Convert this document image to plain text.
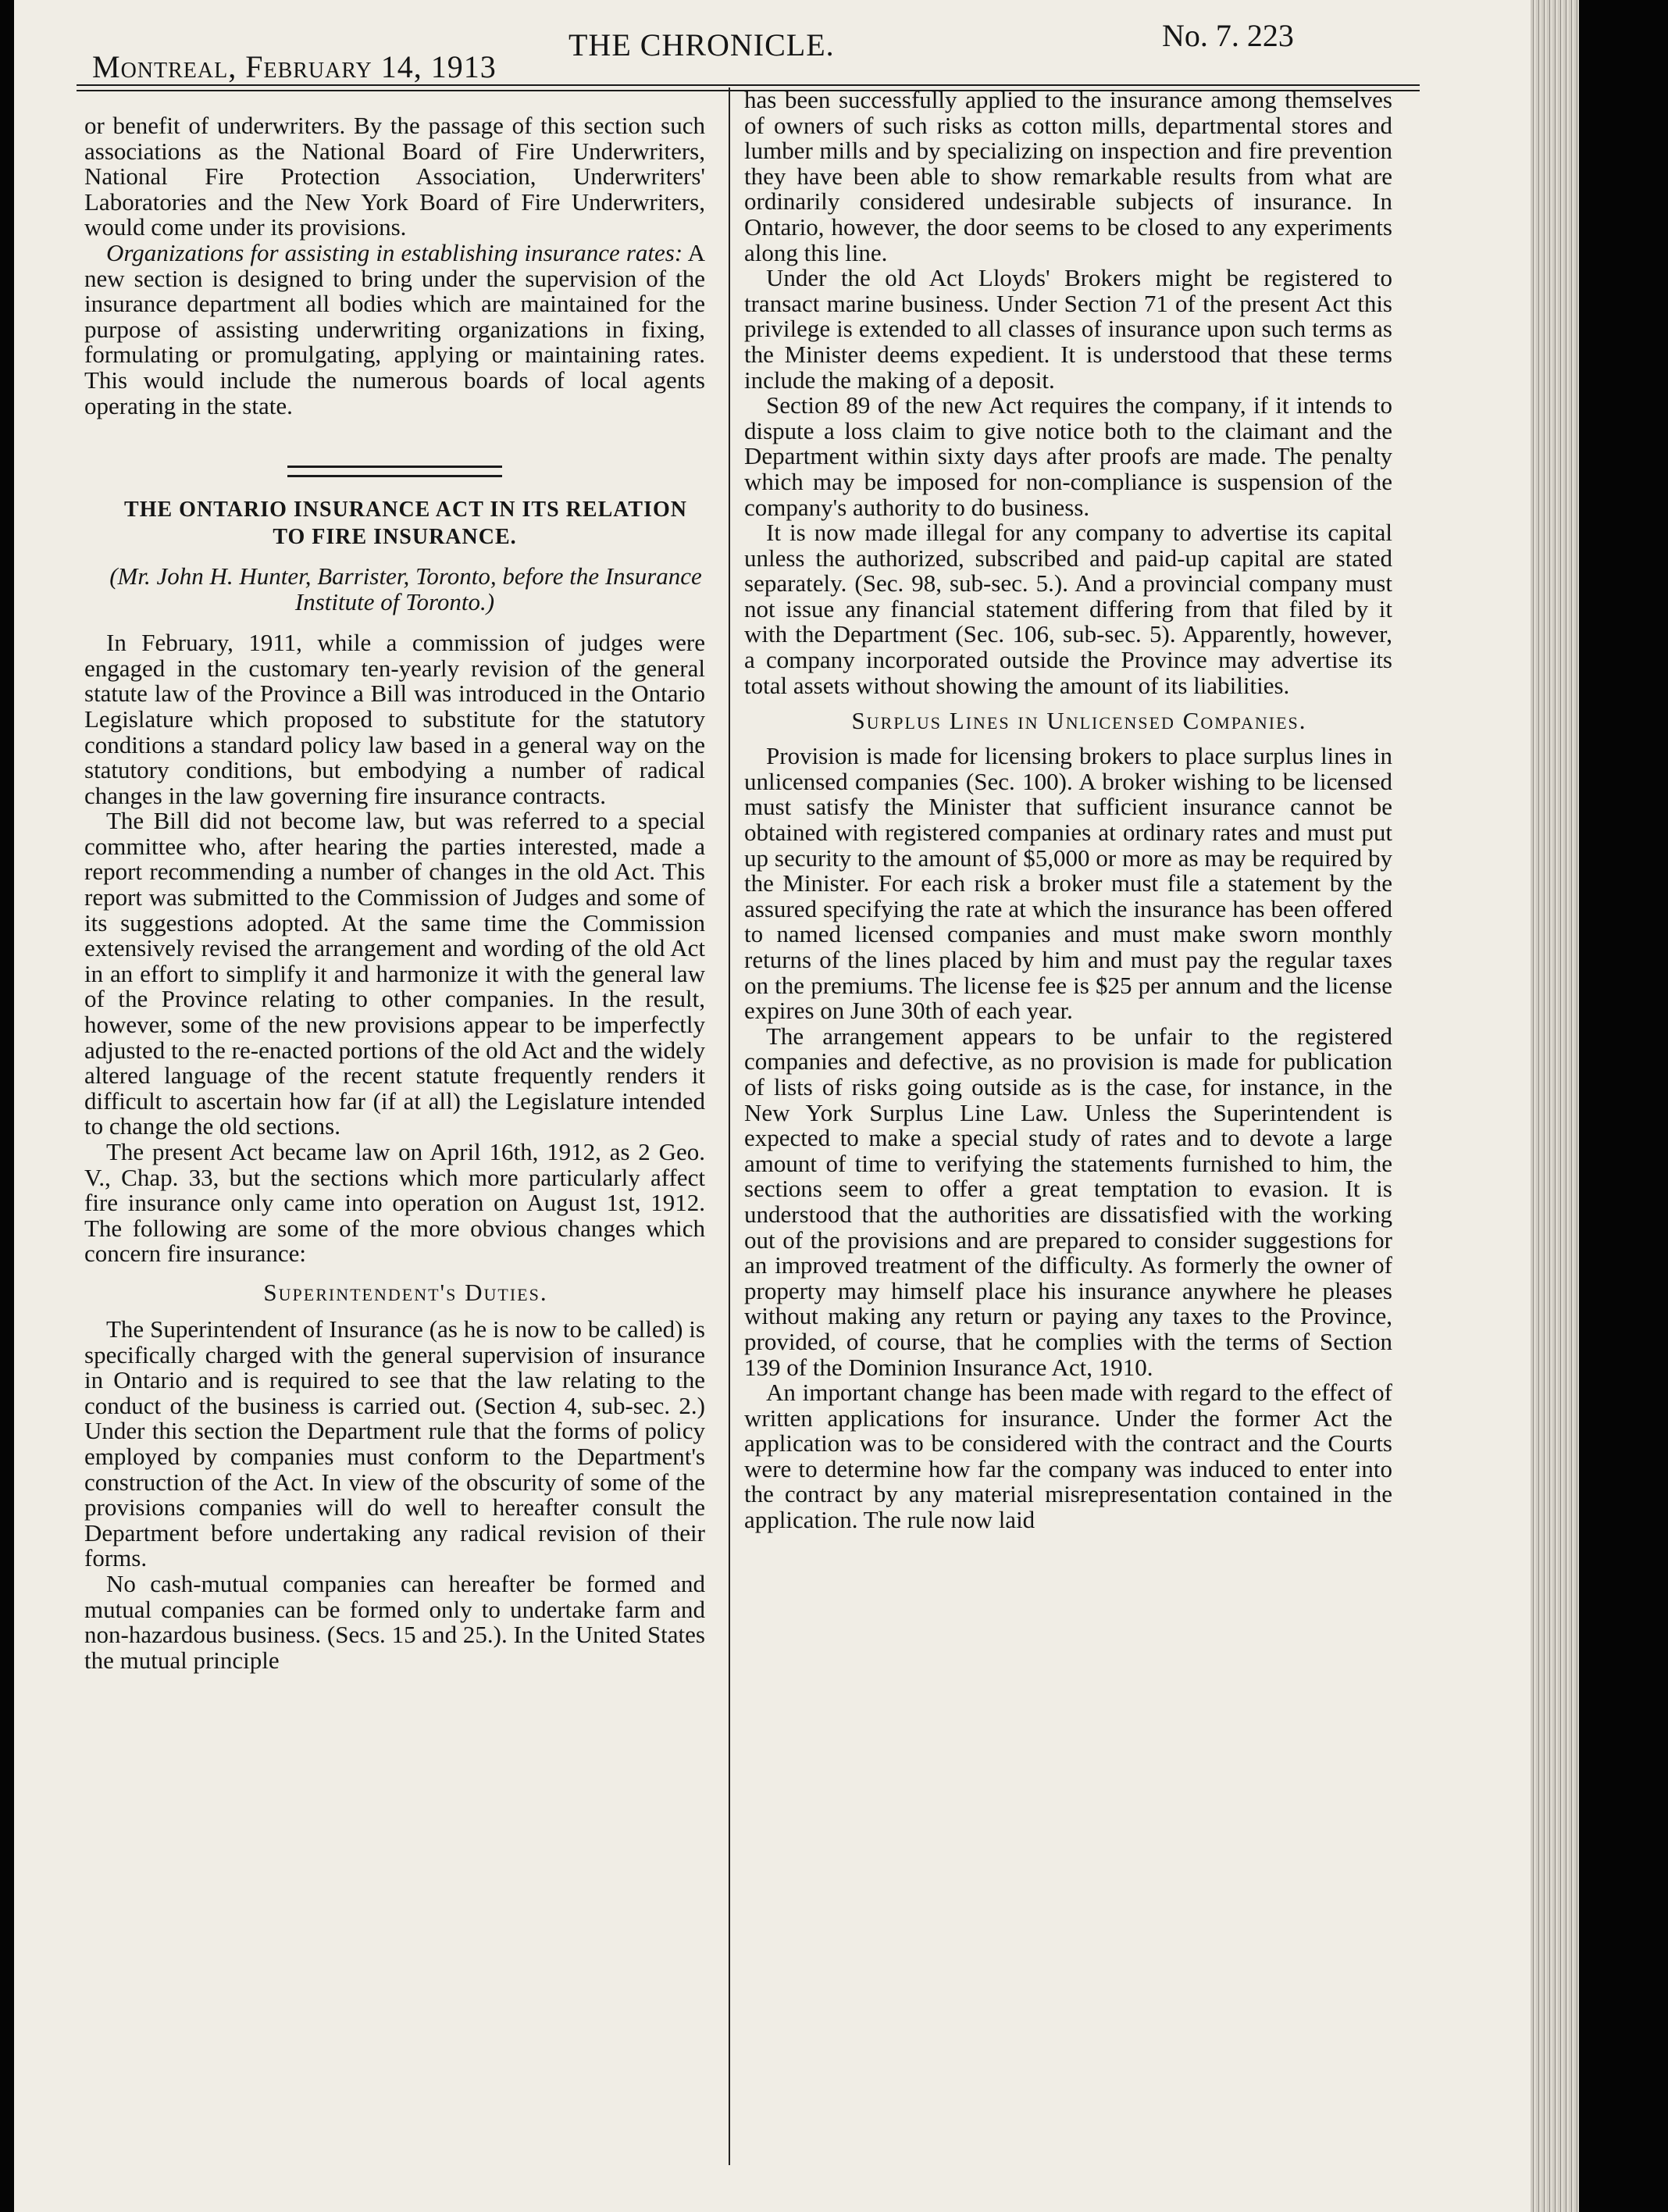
Montreal, February 14, 1913
THE CHRONICLE.	No. 7. 223

or benefit of underwriters. By the passage of this section such associations as the National Board of Fire Underwriters, National Fire Protection Association, Underwriters' Laboratories and the New York Board of Fire Underwriters, would come under its provisions.

Organizations for assisting in establishing insurance rates: A new section is designed to bring under the supervision of the insurance department all bodies which are maintained for the purpose of assisting underwriting organizations in fixing, formulating or promulgating, applying or maintaining rates. This would include the numerous boards of local agents operating in the state.

THE ONTARIO INSURANCE ACT IN ITS RELATION TO FIRE INSURANCE.

(Mr. John H. Hunter, Barrister, Toronto, before the Insurance Institute of Toronto.)

In February, 1911, while a commission of judges were engaged in the customary ten-yearly revision of the general statute law of the Province a Bill was introduced in the Ontario Legislature which proposed to substitute for the statutory conditions a standard policy law based in a general way on the statutory conditions, but embodying a number of radical changes in the law governing fire insurance contracts.

The Bill did not become law, but was referred to a special committee who, after hearing the parties interested, made a report recommending a number of changes in the old Act. This report was submitted to the Commission of Judges and some of its suggestions adopted. At the same time the Commission extensively revised the arrangement and wording of the old Act in an effort to simplify it and harmonize it with the general law of the Province relating to other companies. In the result, however, some of the new provisions appear to be imperfectly adjusted to the re-enacted portions of the old Act and the widely altered language of the recent statute frequently renders it difficult to ascertain how far (if at all) the Legislature intended to change the old sections.

The present Act became law on April 16th, 1912, as 2 Geo. V., Chap. 33, but the sections which more particularly affect fire insurance only came into operation on August 1st, 1912. The following are some of the more obvious changes which concern fire insurance:

Superintendent's Duties.

The Superintendent of Insurance (as he is now to be called) is specifically charged with the general supervision of insurance in Ontario and is required to see that the law relating to the conduct of the business is carried out. (Section 4, sub-sec. 2.) Under this section the Department rule that the forms of policy employed by companies must conform to the Department's construction of the Act. In view of the obscurity of some of the provisions companies will do well to hereafter consult the Department before undertaking any radical revision of their forms.

No cash-mutual companies can hereafter be formed and mutual companies can be formed only to undertake farm and non-hazardous business. (Secs. 15 and 25.). In the United States the mutual principle

has been successfully applied to the insurance among themselves of owners of such risks as cotton mills, departmental stores and lumber mills and by specializing on inspection and fire prevention they have been able to show remarkable results from what are ordinarily considered undesirable subjects of insurance. In Ontario, however, the door seems to be closed to any experiments along this line.

Under the old Act Lloyds' Brokers might be registered to transact marine business. Under Section 71 of the present Act this privilege is extended to all classes of insurance upon such terms as the Minister deems expedient. It is understood that these terms include the making of a deposit.

Section 89 of the new Act requires the company, if it intends to dispute a loss claim to give notice both to the claimant and the Department within sixty days after proofs are made. The penalty which may be imposed for non-compliance is suspension of the company's authority to do business.

It is now made illegal for any company to advertise its capital unless the authorized, subscribed and paid-up capital are stated separately. (Sec. 98, sub-sec. 5.). And a provincial company must not issue any financial statement differing from that filed by it with the Department (Sec. 106, sub-sec. 5). Apparently, however, a company incorporated outside the Province may advertise its total assets without showing the amount of its liabilities.

Surplus Lines in Unlicensed Companies.

Provision is made for licensing brokers to place surplus lines in unlicensed companies (Sec. 100). A broker wishing to be licensed must satisfy the Minister that sufficient insurance cannot be obtained with registered companies at ordinary rates and must put up security to the amount of $5,000 or more as may be required by the Minister. For each risk a broker must file a statement by the assured specifying the rate at which the insurance has been offered to named licensed companies and must make sworn monthly returns of the lines placed by him and must pay the regular taxes on the premiums. The license fee is $25 per annum and the license expires on June 30th of each year.

The arrangement appears to be unfair to the registered companies and defective, as no provision is made for publication of lists of risks going outside as is the case, for instance, in the New York Surplus Line Law. Unless the Superintendent is expected to make a special study of rates and to devote a large amount of time to verifying the statements furnished to him, the sections seem to offer a great temptation to evasion. It is understood that the authorities are dissatisfied with the working out of the provisions and are prepared to consider suggestions for an improved treatment of the difficulty. As formerly the owner of property may himself place his insurance anywhere he pleases without making any return or paying any taxes to the Province, provided, of course, that he complies with the terms of Section 139 of the Dominion Insurance Act, 1910.

An important change has been made with regard to the effect of written applications for insurance. Under the former Act the application was to be considered with the contract and the Courts were to determine how far the company was induced to enter into the contract by any material misrepresentation contained in the application. The rule now laid
